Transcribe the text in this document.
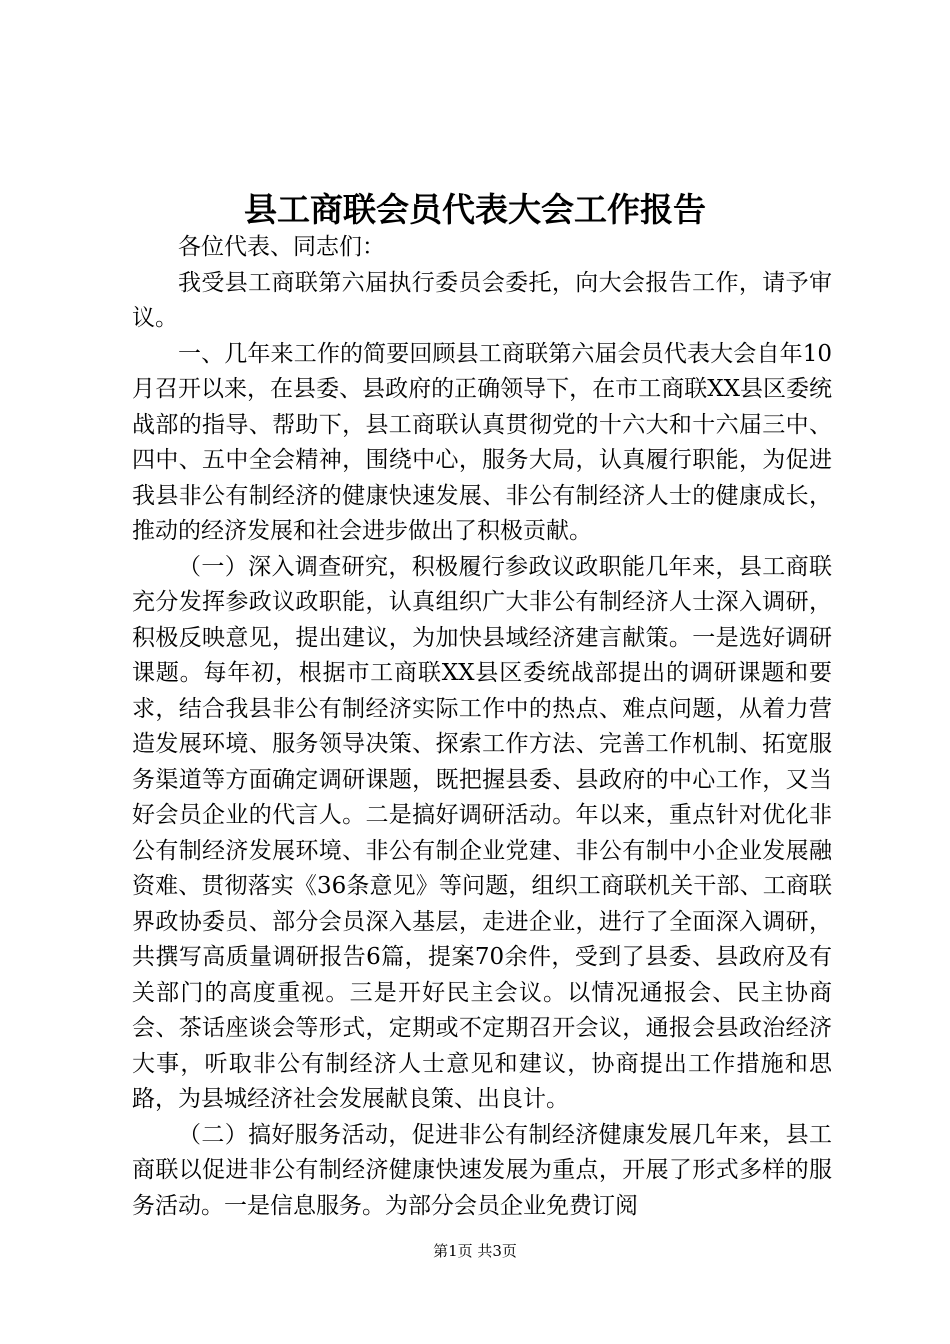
县工商联会员代表大会工作报告

各位代表、同志们：

我受县工商联第六届执行委员会委托，向大会报告工作，请予审议。

一、几年来工作的简要回顾县工商联第六届会员代表大会自年10月召开以来，在县委、县政府的正确领导下，在市工商联XX县区委统战部的指导、帮助下，县工商联认真贯彻党的十六大和十六届三中、四中、五中全会精神，围绕中心，服务大局，认真履行职能，为促进我县非公有制经济的健康快速发展、非公有制经济人士的健康成长，推动的经济发展和社会进步做出了积极贡献。

（一）深入调查研究，积极履行参政议政职能几年来，县工商联充分发挥参政议政职能，认真组织广大非公有制经济人士深入调研，积极反映意见，提出建议，为加快县域经济建言献策。一是选好调研课题。每年初，根据市工商联XX县区委统战部提出的调研课题和要求，结合我县非公有制经济实际工作中的热点、难点问题，从着力营造发展环境、服务领导决策、探索工作方法、完善工作机制、拓宽服务渠道等方面确定调研课题，既把握县委、县政府的中心工作，又当好会员企业的代言人。二是搞好调研活动。年以来，重点针对优化非公有制经济发展环境、非公有制企业党建、非公有制中小企业发展融资难、贯彻落实《36条意见》等问题，组织工商联机关干部、工商联界政协委员、部分会员深入基层，走进企业，进行了全面深入调研，共撰写高质量调研报告6篇，提案70余件，受到了县委、县政府及有关部门的高度重视。三是开好民主会议。以情况通报会、民主协商会、茶话座谈会等形式，定期或不定期召开会议，通报会县政治经济大事，听取非公有制经济人士意见和建议，协商提出工作措施和思路，为县城经济社会发展献良策、出良计。

（二）搞好服务活动，促进非公有制经济健康发展几年来，县工商联以促进非公有制经济健康快速发展为重点，开展了形式多样的服务活动。一是信息服务。为部分会员企业免费订阅

第1页 共3页
